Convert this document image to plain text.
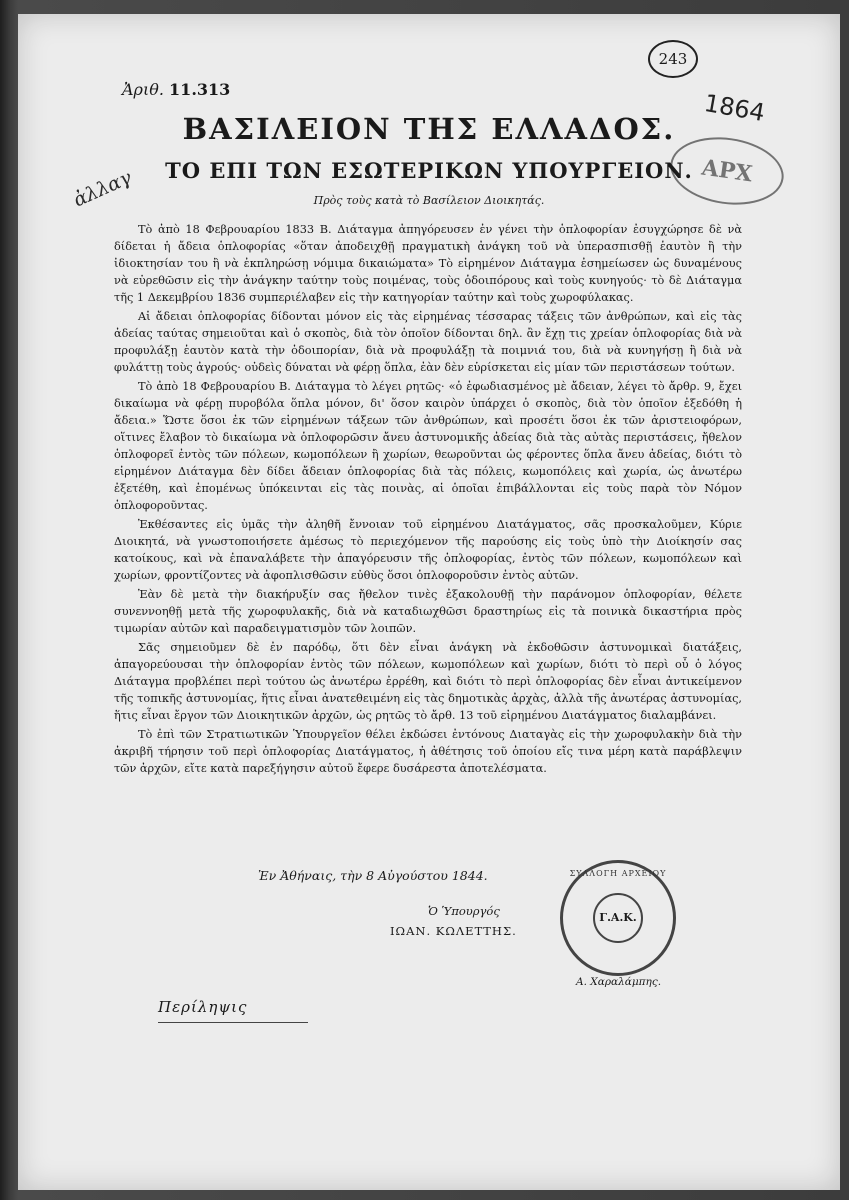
243
1864
ΑΡΧ
ἀλλαγ
Ἀριθ. 11.313
ΒΑΣΙΛΕΙΟΝ ΤΗΣ ΕΛΛΑΔΟΣ.
ΤΟ ΕΠΙ ΤΩΝ ΕΣΩΤΕΡΙΚΩΝ ΥΠΟΥΡΓΕΙΟΝ.
Πρὸς τοὺς κατὰ τὸ Βασίλειον Διοικητάς.

Τὸ ἀπὸ 18 Φεβρουαρίου 1833 Β. Διάταγμα ἀπηγόρευσεν ἐν γένει τὴν ὁπλοφορίαν ἐσυγχώρησε δὲ νὰ δίδεται ἡ ἄδεια ὁπλοφορίας «ὅταν ἀποδειχθῇ πραγματικὴ ἀνάγκη τοῦ νὰ ὑπερασπισθῇ ἑαυτὸν ἢ τὴν ἰδιοκτησίαν του ἢ νὰ ἐκπληρώσῃ νόμιμα δικαιώματα» Τὸ εἰρημένον Διάταγμα ἐσημείωσεν ὡς δυναμένους νὰ εὑρεθῶσιν εἰς τὴν ἀνάγκην ταύτην τοὺς ποιμένας, τοὺς ὁδοιπόρους καὶ τοὺς κυνηγούς· τὸ δὲ Διάταγμα τῆς 1 Δεκεμβρίου 1836 συμπεριέλαβεν εἰς τὴν κατηγορίαν ταύτην καὶ τοὺς χωροφύλακας.

Αἱ ἄδειαι ὁπλοφορίας δίδονται μόνον εἰς τὰς εἰρημένας τέσσαρας τάξεις τῶν ἀνθρώπων, καὶ εἰς τὰς ἀδείας ταύτας σημειοῦται καὶ ὁ σκοπὸς, διὰ τὸν ὁποῖον δίδονται δηλ. ἂν ἔχῃ τις χρείαν ὁπλοφορίας διὰ νὰ προφυλάξῃ ἑαυτὸν κατὰ τὴν ὁδοιπορίαν, διὰ νὰ προφυλάξῃ τὰ ποιμνιά του, διὰ νὰ κυνηγήσῃ ἢ διὰ νὰ φυλάττῃ τοὺς ἀγρούς· οὐδεὶς δύναται νὰ φέρῃ ὅπλα, ἐὰν δὲν εὑρίσκεται εἰς μίαν τῶν περιστάσεων τούτων.

Τὸ ἀπὸ 18 Φεβρουαρίου Β. Διάταγμα τὸ λέγει ρητῶς· «ὁ ἐφωδιασμένος μὲ ἄδειαν, λέγει τὸ ἄρθρ. 9, ἔχει δικαίωμα νὰ φέρῃ πυροβόλα ὅπλα μόνον, δι' ὅσον καιρὸν ὑπάρχει ὁ σκοπὸς, διὰ τὸν ὁποῖον ἐξεδόθη ἡ ἄδεια.» Ὥστε ὅσοι ἐκ τῶν εἰρημένων τάξεων τῶν ἀνθρώπων, καὶ προσέτι ὅσοι ἐκ τῶν ἀριστειοφόρων, οἵτινες ἔλαβον τὸ δικαίωμα νὰ ὁπλοφορῶσιν ἄνευ ἀστυνομικῆς ἀδείας διὰ τὰς αὐτὰς περιστάσεις, ἤθελον ὁπλοφορεῖ ἐντὸς τῶν πόλεων, κωμοπόλεων ἢ χωρίων, θεωροῦνται ὡς φέροντες ὅπλα ἄνευ ἀδείας, διότι τὸ εἰρημένον Διάταγμα δὲν δίδει ἄδειαν ὁπλοφορίας διὰ τὰς πόλεις, κωμοπόλεις καὶ χωρία, ὡς ἀνωτέρω ἐξετέθη, καὶ ἑπομένως ὑπόκεινται εἰς τὰς ποινὰς, αἱ ὁποῖαι ἐπιβάλλονται εἰς τοὺς παρὰ τὸν Νόμον ὁπλοφοροῦντας.

Ἐκθέσαντες εἰς ὑμᾶς τὴν ἀληθῆ ἔννοιαν τοῦ εἰρημένου Διατάγματος, σᾶς προσκαλοῦμεν, Κύριε Διοικητά, νὰ γνωστοποιήσετε ἀμέσως τὸ περιεχόμενον τῆς παρούσης εἰς τοὺς ὑπὸ τὴν Διοίκησίν σας κατοίκους, καὶ νὰ ἐπαναλάβετε τὴν ἀπαγόρευσιν τῆς ὁπλοφορίας, ἐντὸς τῶν πόλεων, κωμοπόλεων καὶ χωρίων, φροντίζοντες νὰ ἀφοπλισθῶσιν εὐθὺς ὅσοι ὁπλοφοροῦσιν ἐντὸς αὐτῶν.

Ἐὰν δὲ μετὰ τὴν διακήρυξίν σας ἤθελον τινὲς ἐξακολουθῇ τὴν παράνομον ὁπλοφορίαν, θέλετε συνεννοηθῇ μετὰ τῆς χωροφυλακῆς, διὰ νὰ καταδιωχθῶσι δραστηρίως εἰς τὰ ποινικὰ δικαστήρια πρὸς τιμωρίαν αὐτῶν καὶ παραδειγματισμὸν τῶν λοιπῶν.

Σᾶς σημειοῦμεν δὲ ἐν παρόδῳ, ὅτι δὲν εἶναι ἀνάγκη νὰ ἐκδοθῶσιν ἀστυνομικαὶ διατάξεις, ἀπαγορεύουσαι τὴν ὁπλοφορίαν ἐντὸς τῶν πόλεων, κωμοπόλεων καὶ χωρίων, διότι τὸ περὶ οὗ ὁ λόγος Διάταγμα προβλέπει περὶ τούτου ὡς ἀνωτέρω ἐρρέθη, καὶ διότι τὸ περὶ ὁπλοφορίας δὲν εἶναι ἀντικείμενον τῆς τοπικῆς ἀστυνομίας, ἥτις εἶναι ἀνατεθειμένη εἰς τὰς δημοτικὰς ἀρχὰς, ἀλλὰ τῆς ἀνωτέρας ἀστυνομίας, ἥτις εἶναι ἔργον τῶν Διοικητικῶν ἀρχῶν, ὡς ρητῶς τὸ ἄρθ. 13 τοῦ εἰρημένου Διατάγματος διαλαμβάνει.

Τὸ ἐπὶ τῶν Στρατιωτικῶν Ὑπουργεῖον θέλει ἐκδώσει ἐντόνους Διαταγὰς εἰς τὴν χωροφυλακὴν διὰ τὴν ἀκριβῆ τήρησιν τοῦ περὶ ὁπλοφορίας Διατάγματος, ἡ ἀθέτησις τοῦ ὁποίου εἴς τινα μέρη κατὰ παράβλεψιν τῶν ἀρχῶν, εἴτε κατὰ παρεξήγησιν αὐτοῦ ἔφερε δυσάρεστα ἀποτελέσματα.

Ἐν Ἀθήναις, τὴν 8 Αὐγούστου 1844.
Ὁ Ὑπουργός
ΙΩΑΝ. ΚΩΛΕΤΤΗΣ.
ΣΥΛΛΟΓΗ ΑΡΧΕΙΟΥ
Γ.Α.Κ.
Α. Χαραλάμπης.
Περίληψις
